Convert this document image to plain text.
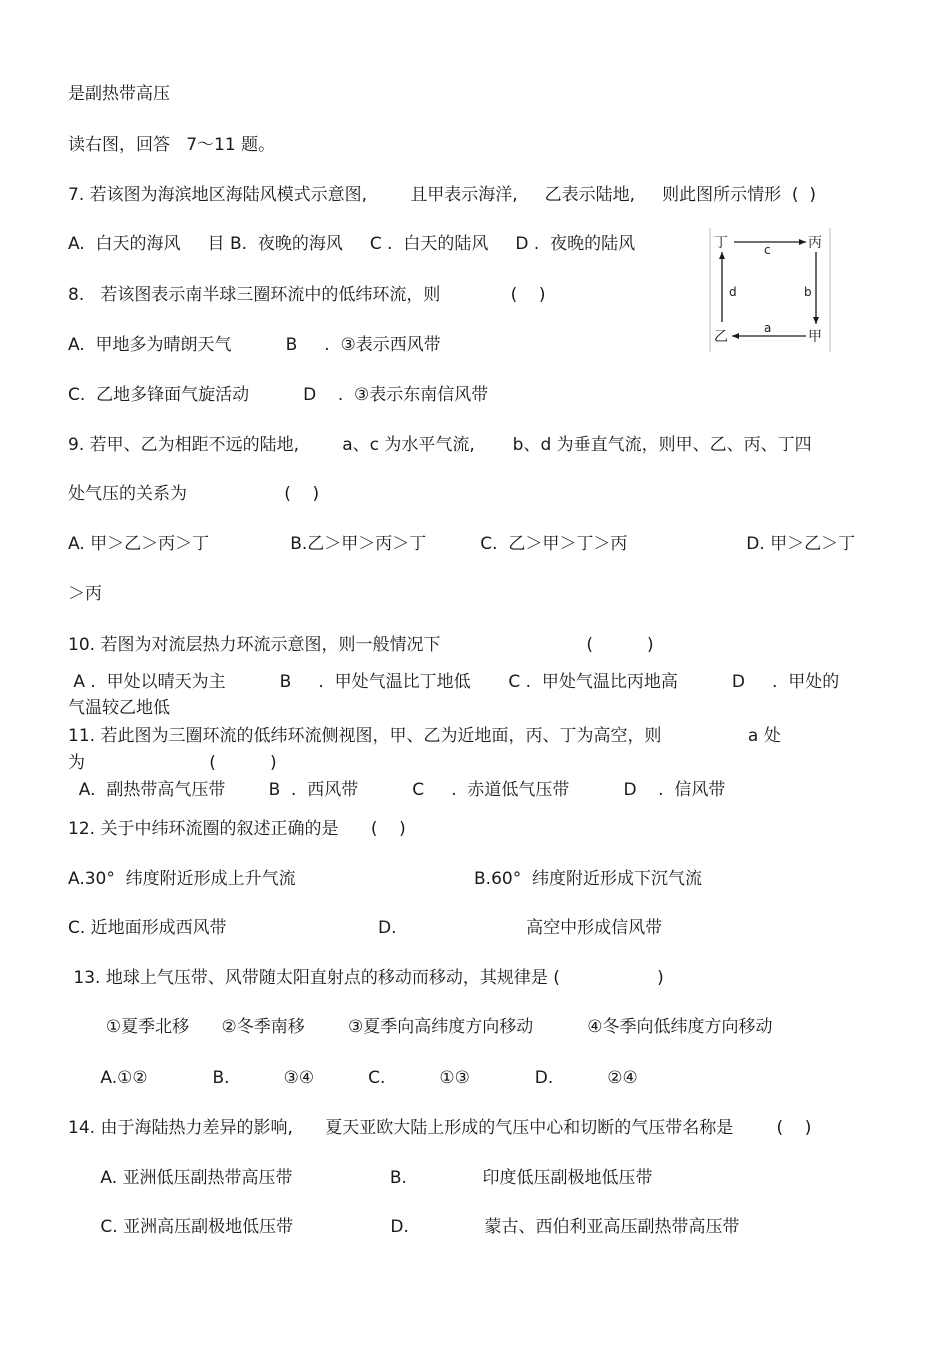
是副热带高压
读右图，回答   7～11 题。
7. 若该图为海滨地区海陆风模式示意图,        且甲表示海洋,     乙表示陆地,     则此图所示情形  (  )
A.  白天的海风     目 B.  夜晚的海风     C .  白天的陆风     D .  夜晚的陆风
8.   若该图表示南半球三圈环流中的低纬环流，则             (    )
A.  甲地多为晴朗天气          B     .  ③表示西风带
C.  乙地多锋面气旋活动          D    .  ③表示东南信风带
9. 若甲、乙为相距不远的陆地,        a、c 为水平气流,       b、d 为垂直气流，则甲、乙、丙、丁四
处气压的关系为                  (    )
A. 甲＞乙＞丙＞丁               B.乙＞甲＞丙＞丁          C.  乙＞甲＞丁＞丙                      D. 甲＞乙＞丁
＞丙
10. 若图为对流层热力环流示意图，则一般情况下                           (          )
A .  甲处以晴天为主          B     .  甲处气温比丁地低       C .  甲处气温比丙地高          D     .  甲处的
气温较乙地低
11. 若此图为三圈环流的低纬环流侧视图，甲、乙为近地面，丙、丁为高空，则                a 处
为                       (          )
A.  副热带高气压带        B  .  西风带          C     .  赤道低气压带          D    .  信风带
12. 关于中纬环流圈的叙述正确的是      (    )
A.30°  纬度附近形成上升气流                                 B.60°  纬度附近形成下沉气流
C. 近地面形成西风带                            D.                        高空中形成信风带
13. 地球上气压带、风带随太阳直射点的移动而移动，其规律是 (                  )
①夏季北移      ②冬季南移        ③夏季向高纬度方向移动          ④冬季向低纬度方向移动
A.①②            B.          ③④          C.          ①③            D.          ②④
14. 由于海陆热力差异的影响,      夏天亚欧大陆上形成的气压中心和切断的气压带名称是        (    )
A. 亚洲低压副热带高压带                  B.              印度低压副极地低压带
C. 亚洲高压副极地低压带                  D.              蒙古、西伯利亚高压副热带高压带
丁	丙
乙	甲
c
b
a
d
